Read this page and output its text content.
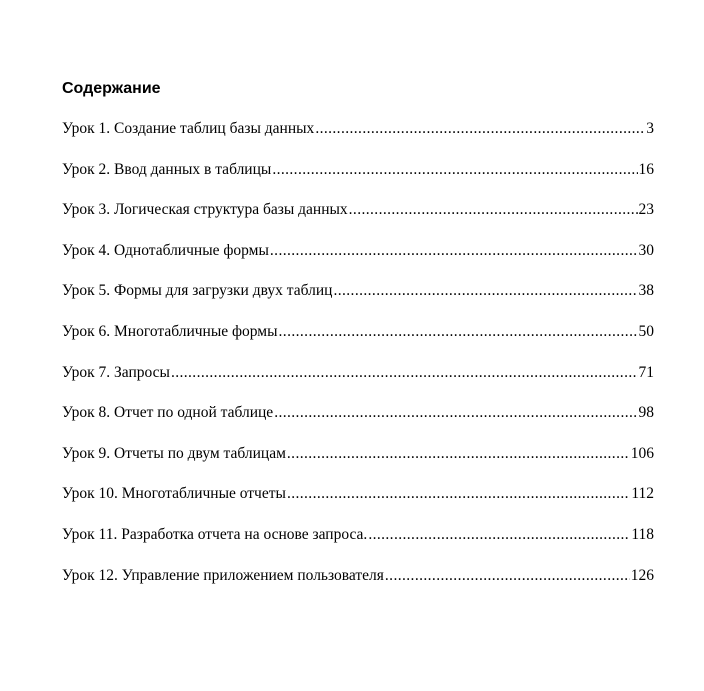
Содержание
Урок 1. Создание таблиц базы данных .....	3
Урок 2. Ввод данных в таблицы .....	16
Урок 3. Логическая структура базы данных .....	23
Урок 4. Однотабличные формы .....	30
Урок 5. Формы для загрузки двух таблиц .....	38
Урок 6. Многотабличные формы .....	50
Урок 7. Запросы .....	71
Урок 8. Отчет по одной таблице .....	98
Урок 9. Отчеты по двум таблицам .....	106
Урок 10. Многотабличные отчеты .....	112
Урок 11. Разработка отчета на основе запроса. .....	118
Урок 12. Управление приложением пользователя .....	126
